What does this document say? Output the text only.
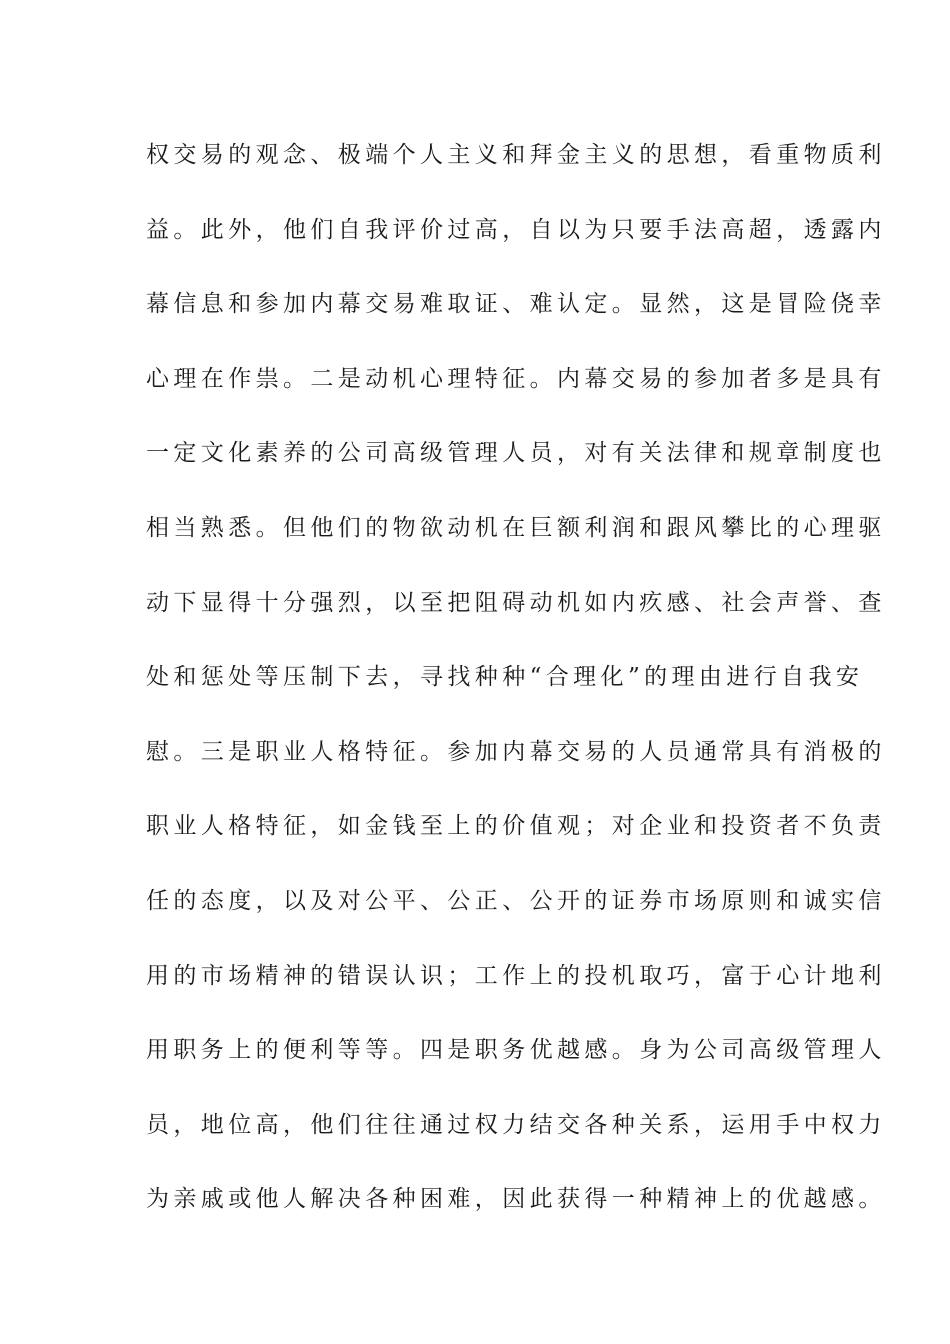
权交易的观念、极端个人主义和拜金主义的思想，看重物质利
益。此外，他们自我评价过高，自以为只要手法高超，透露内
幕信息和参加内幕交易难取证、难认定。显然，这是冒险侥幸
心理在作祟。二是动机心理特征。内幕交易的参加者多是具有
一定文化素养的公司高级管理人员，对有关法律和规章制度也
相当熟悉。但他们的物欲动机在巨额利润和跟风攀比的心理驱
动下显得十分强烈，以至把阻碍动机如内疚感、社会声誉、查
处和惩处等压制下去，寻找种种“合理化”的理由进行自我安
慰。三是职业人格特征。参加内幕交易的人员通常具有消极的
职业人格特征，如金钱至上的价值观；对企业和投资者不负责
任的态度，以及对公平、公正、公开的证券市场原则和诚实信
用的市场精神的错误认识；工作上的投机取巧，富于心计地利
用职务上的便利等等。四是职务优越感。身为公司高级管理人
员，地位高，他们往往通过权力结交各种关系，运用手中权力
为亲戚或他人解决各种困难，因此获得一种精神上的优越感。
